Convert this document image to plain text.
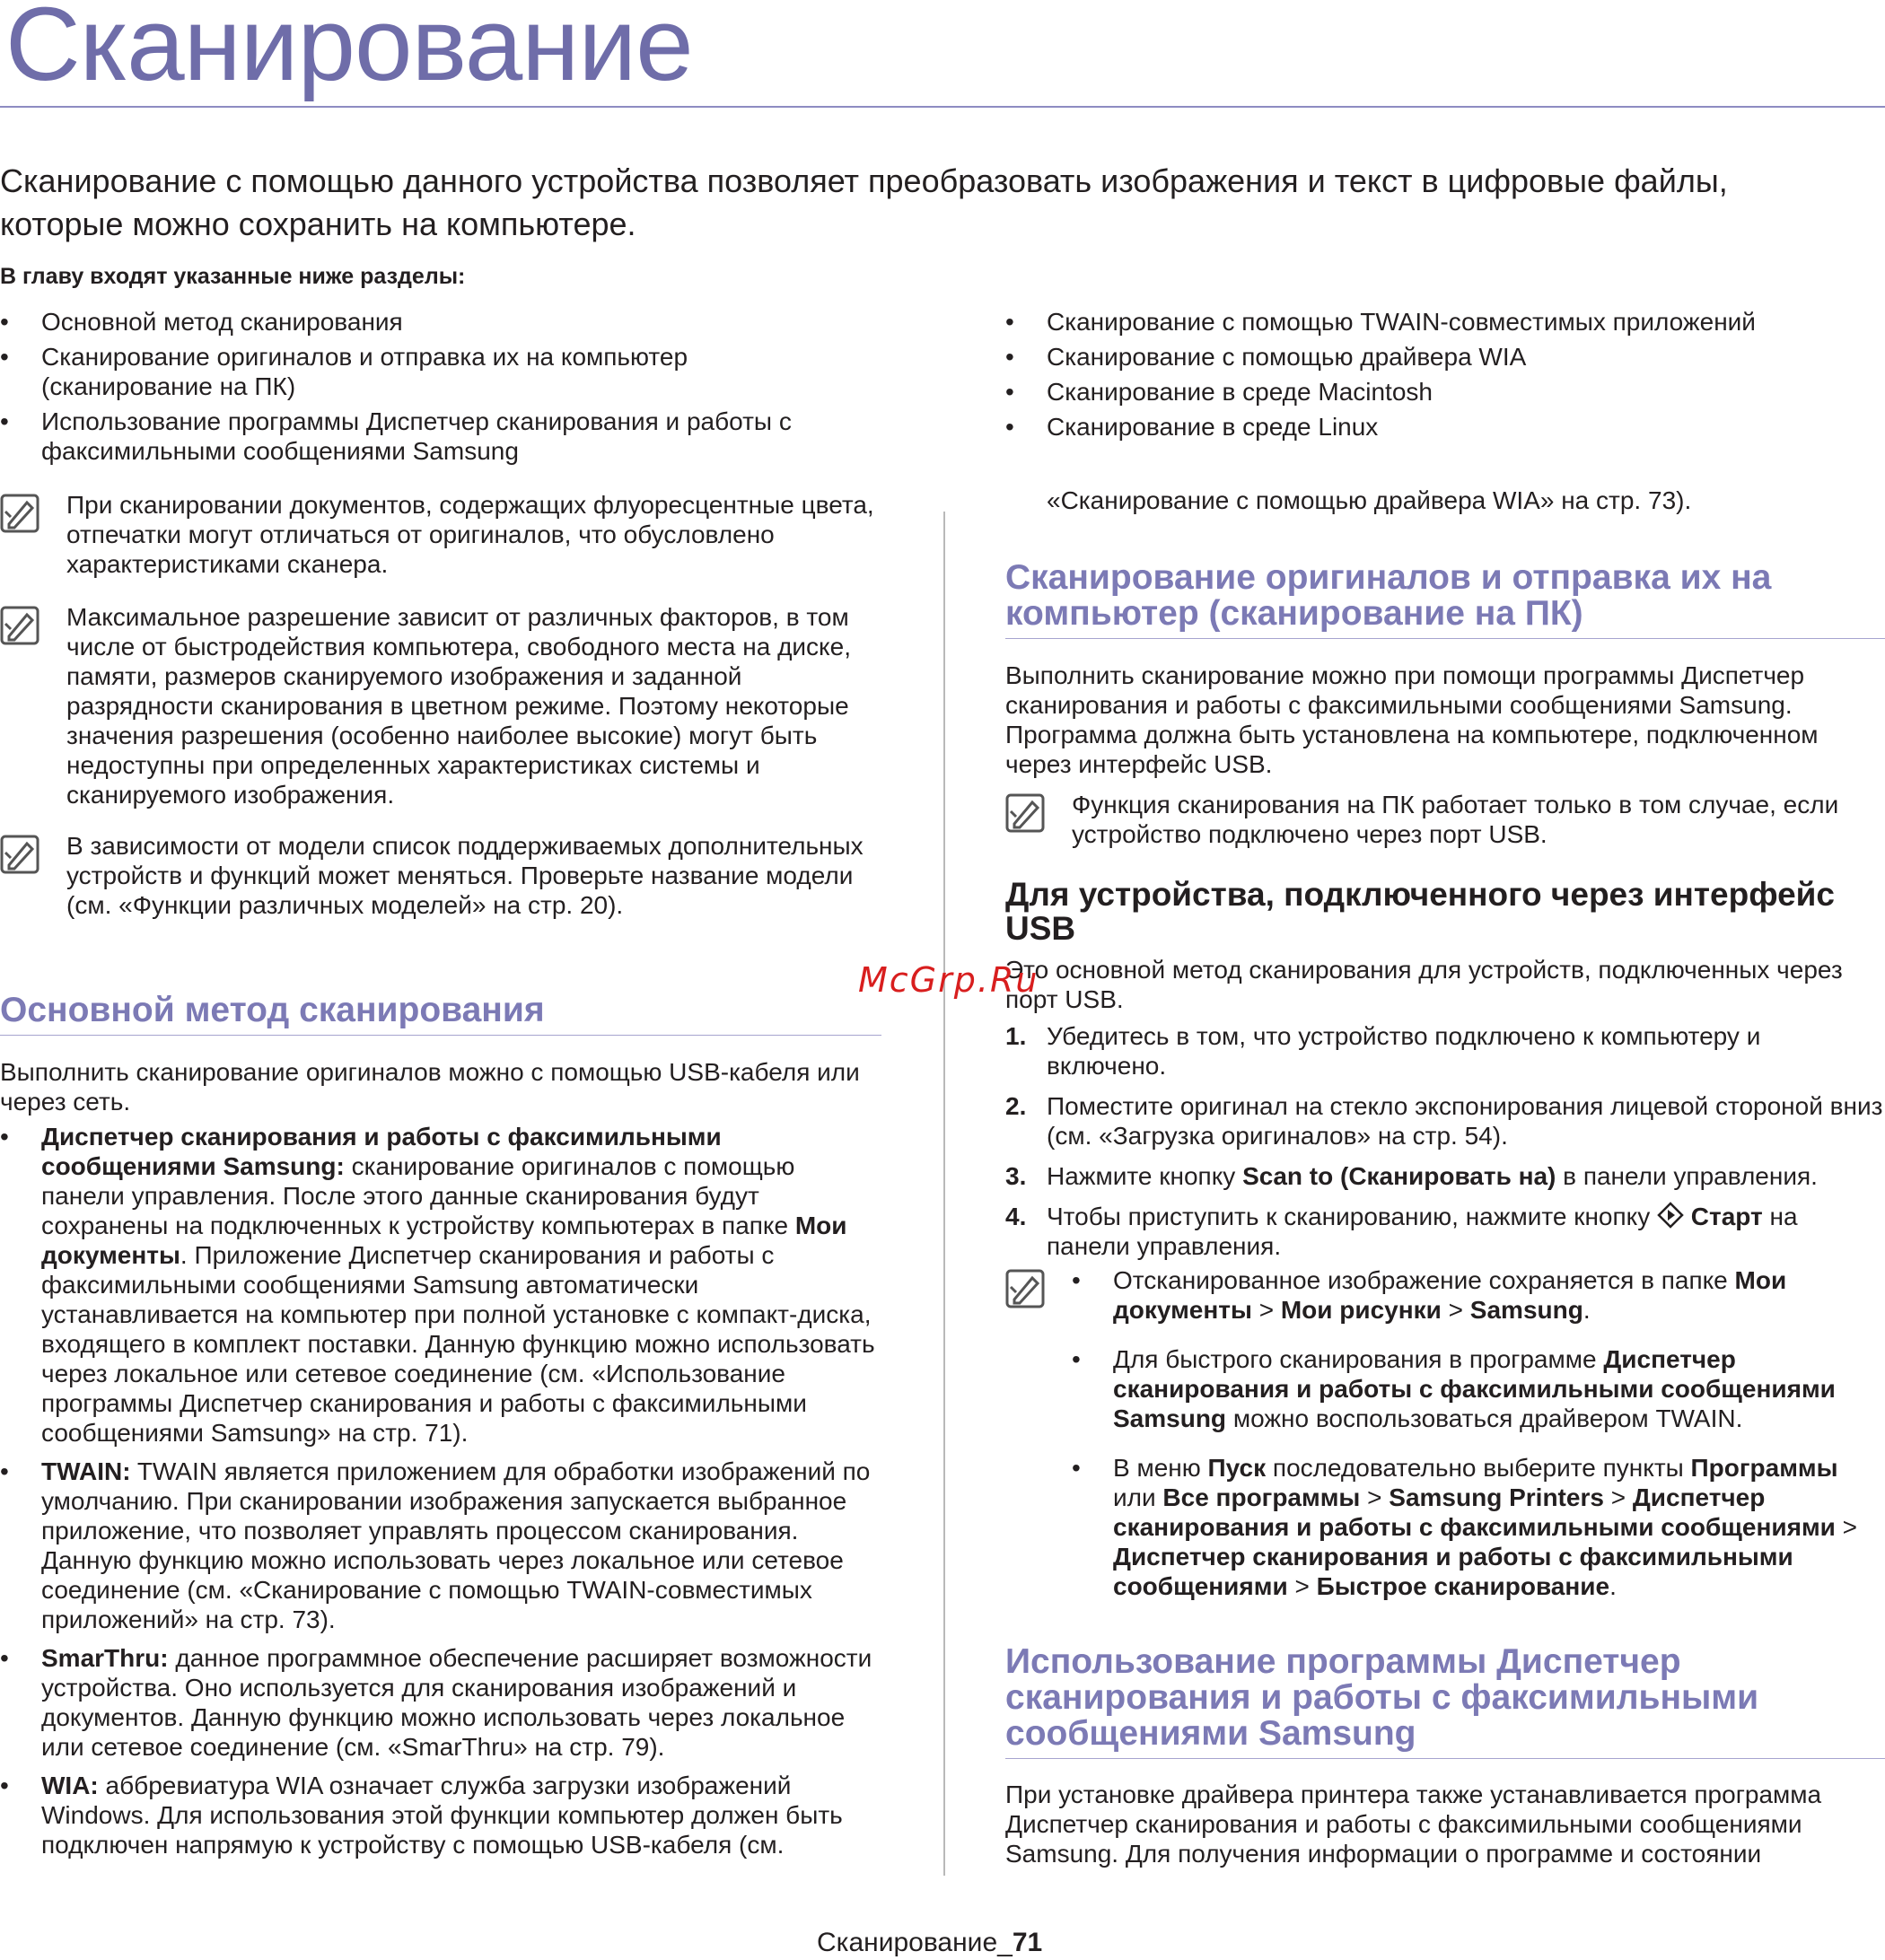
Сканирование
Сканирование с помощью данного устройства позволяет преобразовать изображения и текст в цифровые файлы,
которые можно сохранить на компьютере.
В главу входят указанные ниже разделы:
• Основной метод сканирования
• Сканирование оригиналов и отправка их на компьютер (сканирование на ПК)
• Использование программы Диспетчер сканирования и работы с факсимильными сообщениями Samsung
• Сканирование с помощью TWAIN-совместимых приложений
• Сканирование с помощью драйвера WIA
• Сканирование в среде Macintosh
• Сканирование в среде Linux
При сканировании документов, содержащих флуоресцентные цвета, отпечатки могут отличаться от оригиналов, что обусловлено характеристиками сканера.
Максимальное разрешение зависит от различных факторов, в том числе от быстродействия компьютера, свободного места на диске, памяти, размеров сканируемого изображения и заданной разрядности сканирования в цветном режиме. Поэтому некоторые значения разрешения (особенно наиболее высокие) могут быть недоступны при определенных характеристиках системы и сканируемого изображения.
В зависимости от модели список поддерживаемых дополнительных устройств и функций может меняться. Проверьте название модели (см. «Функции различных моделей» на стр. 20).
Основной метод сканирования
Выполнить сканирование оригиналов можно с помощью USB-кабеля или через сеть.
• Диспетчер сканирования и работы с факсимильными сообщениями Samsung: сканирование оригиналов с помощью панели управления. После этого данные сканирования будут сохранены на подключенных к устройству компьютерах в папке Мои документы. Приложение Диспетчер сканирования и работы с факсимильными сообщениями Samsung автоматически устанавливается на компьютер при полной установке с компакт-диска, входящего в комплект поставки. Данную функцию можно использовать через локальное или сетевое соединение (см. «Использование программы Диспетчер сканирования и работы с факсимильными сообщениями Samsung» на стр. 71).
• TWAIN: TWAIN является приложением для обработки изображений по умолчанию. При сканировании изображения запускается выбранное приложение, что позволяет управлять процессом сканирования. Данную функцию можно использовать через локальное или сетевое соединение (см. «Сканирование с помощью TWAIN-совместимых приложений» на стр. 73).
• SmarThru: данное программное обеспечение расширяет возможности устройства. Оно используется для сканирования изображений и документов. Данную функцию можно использовать через локальное или сетевое соединение (см. «SmarThru» на стр. 79).
• WIA: аббревиатура WIA означает служба загрузки изображений Windows. Для использования этой функции компьютер должен быть подключен напрямую к устройству с помощью USB-кабеля (см.
«Сканирование с помощью драйвера WIA» на стр. 73).
Сканирование оригиналов и отправка их на компьютер (сканирование на ПК)
Выполнить сканирование можно при помощи программы Диспетчер сканирования и работы с факсимильными сообщениями Samsung. Программа должна быть установлена на компьютере, подключенном через интерфейс USB.
Функция сканирования на ПК работает только в том случае, если устройство подключено через порт USB.
Для устройства, подключенного через интерфейс USB
Это основной метод сканирования для устройств, подключенных через порт USB.
1. Убедитесь в том, что устройство подключено к компьютеру и включено.
2. Поместите оригинал на стекло экспонирования лицевой стороной вниз (см. «Загрузка оригиналов» на стр. 54).
3. Нажмите кнопку Scan to (Сканировать на) в панели управления.
4. Чтобы приступить к сканированию, нажмите кнопку Старт на панели управления.
• Отсканированное изображение сохраняется в папке Мои документы > Мои рисунки > Samsung.
• Для быстрого сканирования в программе Диспетчер сканирования и работы с факсимильными сообщениями Samsung можно воспользоваться драйвером TWAIN.
• В меню Пуск последовательно выберите пункты Программы или Все программы > Samsung Printers > Диспетчер сканирования и работы с факсимильными сообщениями > Диспетчер сканирования и работы с факсимильными сообщениями > Быстрое сканирование.
Использование программы Диспетчер сканирования и работы с факсимильными сообщениями Samsung
При установке драйвера принтера также устанавливается программа Диспетчер сканирования и работы с факсимильными сообщениями Samsung. Для получения информации о программе и состоянии
McGrp.Ru
Сканирование_71
